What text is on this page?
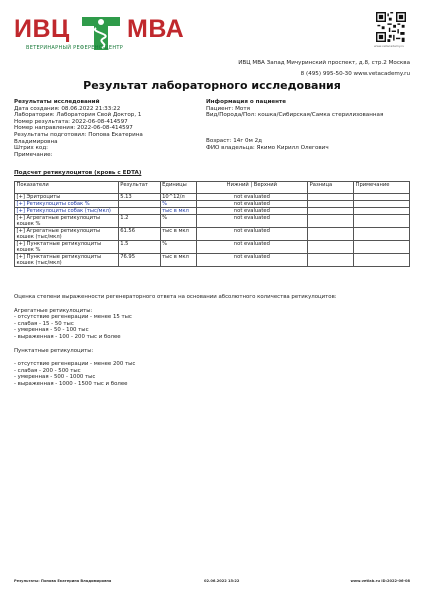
ИВЦ МВА
ВЕТЕРИНАРНЫЙ РЕФЕРЕНС-ЦЕНТР	www.vetacademy.ru
ИВЦ МВА Запад Мичуринский проспект, д.8, стр.2 Москва
8 (495) 995-50-30 www.vetacademy.ru
Результат лабораторного исследования
Результаты исследований
Дата создания: 08.06.2022 21:33:22
Лаборатория: Лаборатория Свой Доктор, 1
Номер результата: 2022-06-08-414597
Номер направления: 2022-06-08-414597
Результаты подготовил: Попова Екатерина
Владимировна
Штрих код:
Примечание:
Информация о пациенте
Пациент: Мотя
Вид/Порода/Пол: кошка/Сибирская/Самка стерилизованная
Возраст: 14г 0м 2д
ФИО владельца: Якимо Кирилл Олегович
Подсчет ретикулоцитов (кровь с EDTA)
Показатели	Результат	Единицы	Нижний | Верхний	Разница	Примечание
[+] Эритроциты	5.13	10^12/л	not evaluated		
[+] Ретикулоциты собак %		%	not evaluated		
[+] Ретикулоциты собак (тыс/мкл)		тыс в мкл	not evaluated		
[+] Агрегатные ретикулоциты кошек %	1.2	%	not evaluated		
[+] Агрегатные ретикулоциты кошек (тыс/мкл)	61.56	тыс в мкл	not evaluated		
[+] Пунктатные ретикулоциты кошек %	1.5	%	not evaluated		
[+] Пунктатные ретикулоциты кошек (тыс/мкл)	76.95	тыс в мкл	not evaluated		
Оценка степени выраженности регенераторного ответа на основании абсолютного количества ретикулоцитов:
Агрегатные ретикулоциты:
- отсутствие регенерации - менее 15 тыс
- слабая - 15 - 50 тыс
- умеренная - 50 - 100 тыс
- выраженная - 100 - 200 тыс и более
Пунктатные ретикулоциты:
- отсутствие регенерации - менее 200 тыс
- слабая - 200 - 500 тыс
- умеренная - 500 - 1000 тыс
- выраженная - 1000 - 1500 тыс и более
Результаты: Попова Екатерина Владимировна	02.06.2022 15:22	www.vetlab.ru ID:2022-06-08
